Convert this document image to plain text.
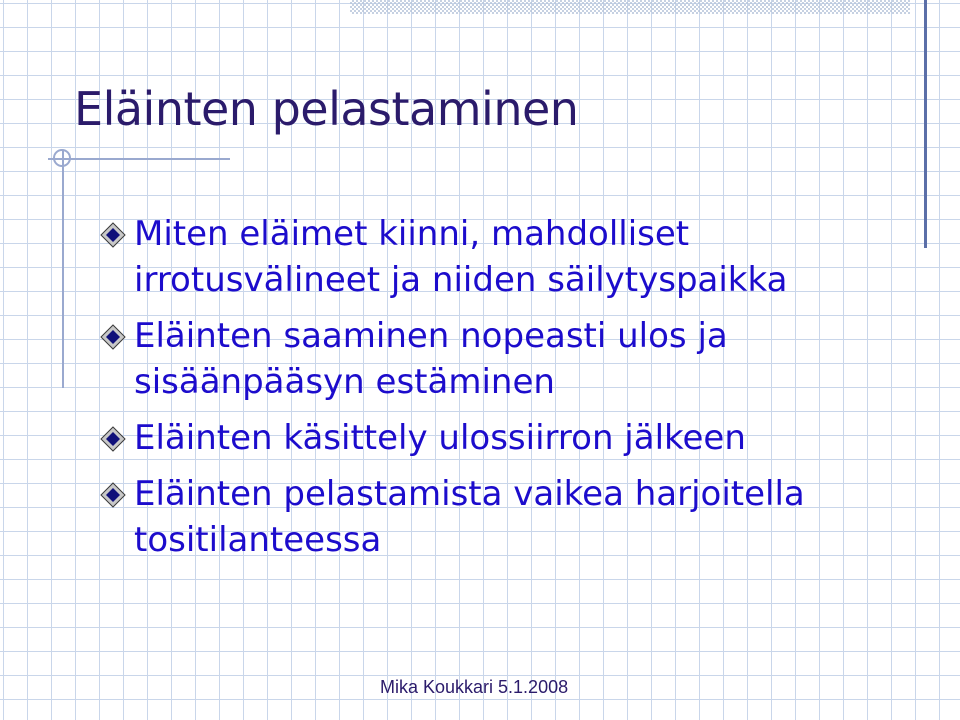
Eläinten pelastaminen
Miten eläimet kiinni, mahdolliset irrotusvälineet ja niiden säilytyspaikka
Eläinten saaminen nopeasti ulos ja sisäänpääsyn estäminen
Eläinten käsittely ulossiirron jälkeen
Eläinten pelastamista vaikea harjoitella tositilanteessa
Mika Koukkari 5.1.2008
